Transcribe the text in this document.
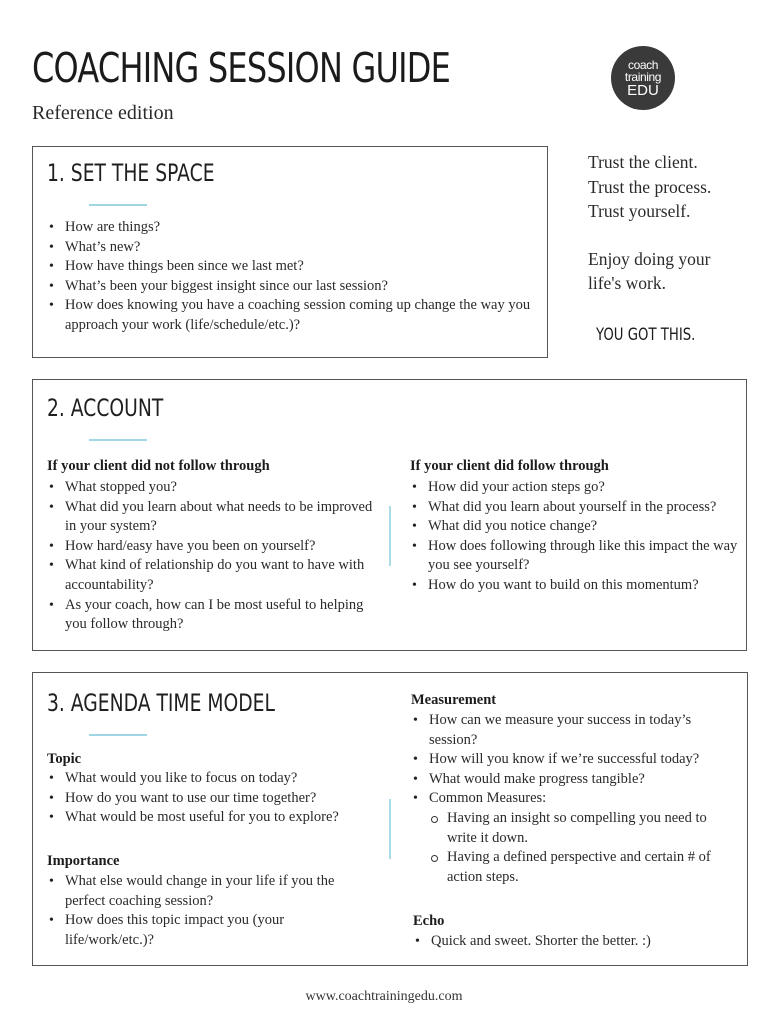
COACHING SESSION GUIDE
Reference edition
coach
training
EDU
1. SET THE SPACE
• How are things?
• What’s new?
• How have things been since we last met?
• What’s been your biggest insight since our last session?
• How does knowing you have a coaching session coming up change the way you approach your work (life/schedule/etc.)?

Trust the client.

Trust the process.

Trust yourself.

Enjoy doing your

life's work.

YOU GOT THIS.
2. ACCOUNT
If your client did not follow through
• What stopped you?
• What did you learn about what needs to be improved in your system?
• How hard/easy have you been on yourself?
• What kind of relationship do you want to have with accountability?
• As your coach, how can I be most useful to helping you follow through?
If your client did follow through
• How did your action steps go?
• What did you learn about yourself in the process?
• What did you notice change?
• How does following through like this impact the way you see yourself?
• How do you want to build on this momentum?
3. AGENDA TIME MODEL
Topic
• What would you like to focus on today?
• How do you want to use our time together?
• What would be most useful for you to explore?
Importance
• What else would change in your life if you the perfect coaching session?
• How does this topic impact you (your life/work/etc.)?
Measurement
• How can we measure your success in today’s session?
• How will you know if we’re successful today?
• What would make progress tangible?
• Common Measures:
Having an insight so compelling you need to write it down.
Having a defined perspective and certain # of action steps.
Echo
• Quick and sweet. Shorter the better. :)
www.coachtrainingedu.com
